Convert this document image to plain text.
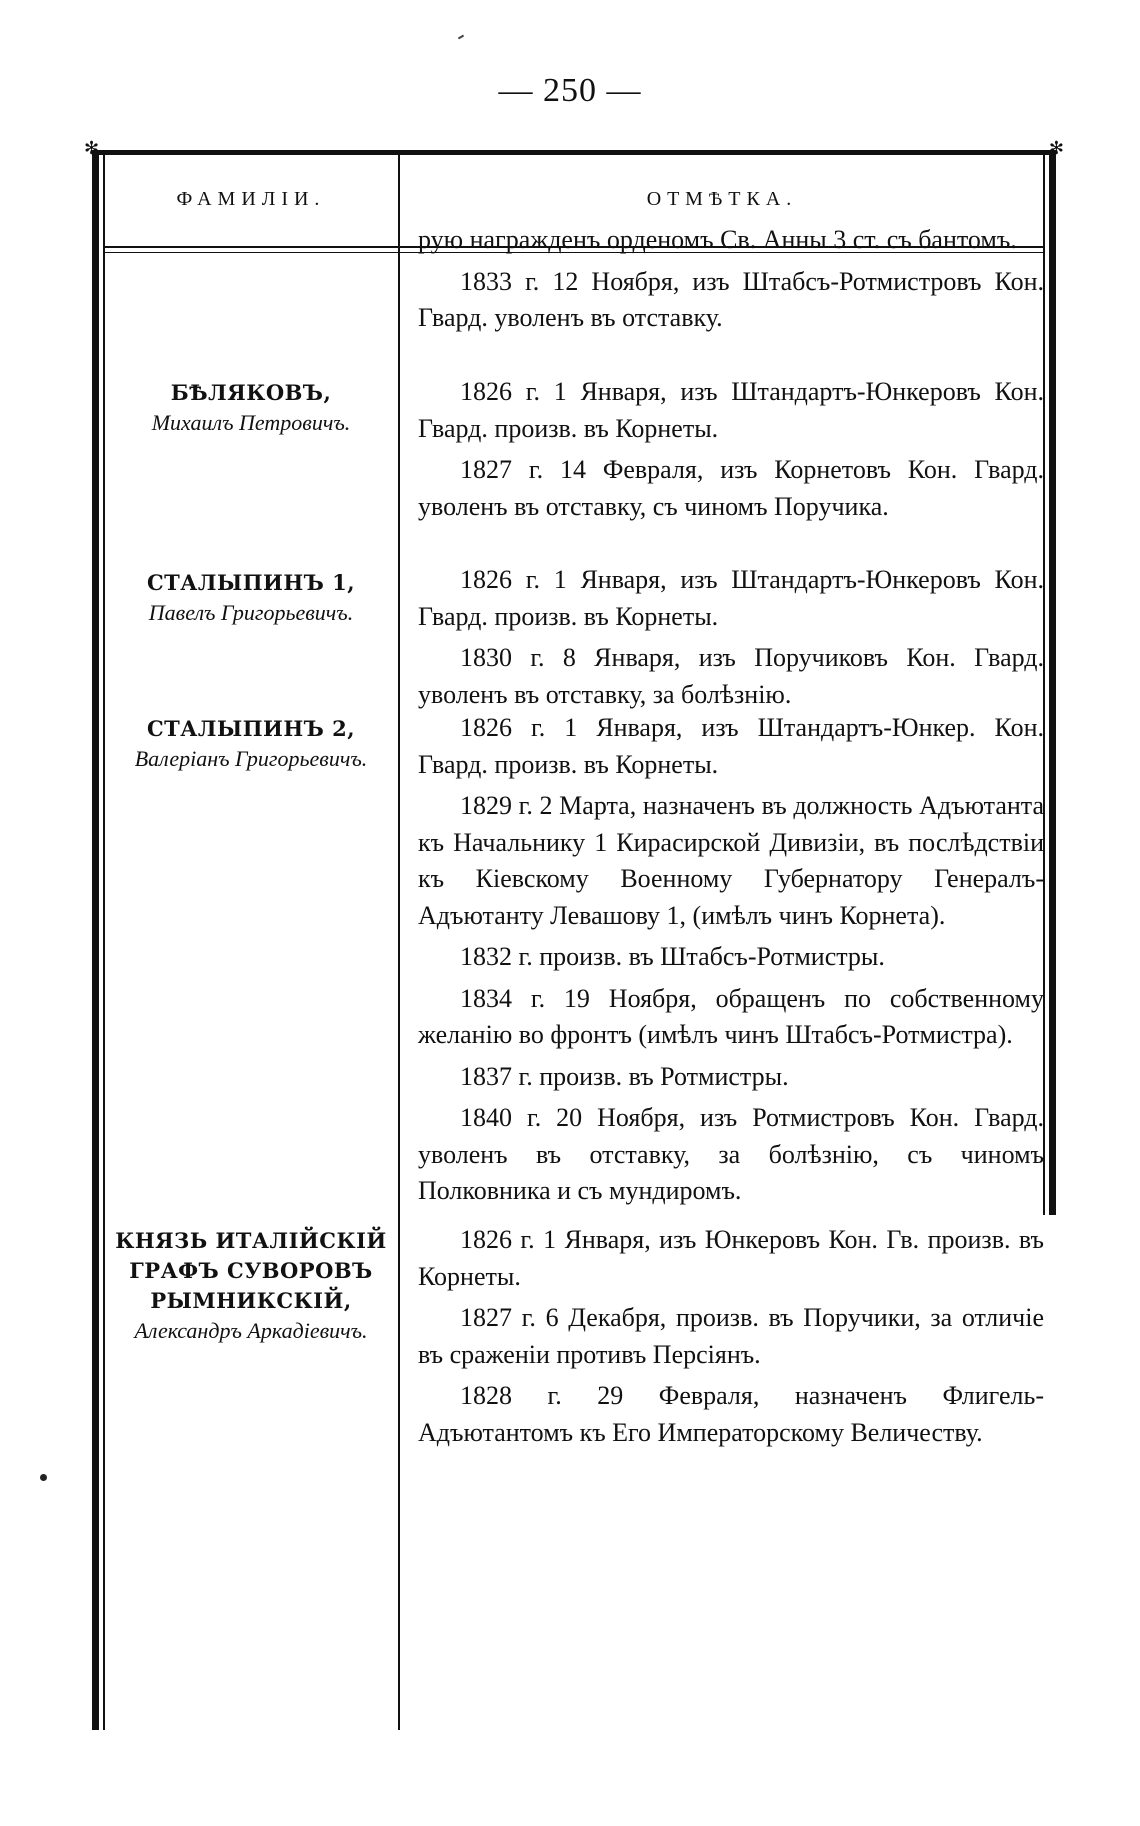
— 250 —
✻	✻
ФАМИЛІИ.	ОТМѢТКА.
БѢЛЯКОВЪ,
Михаилъ Петровичъ.
СТАЛЫПИНЪ 1,
Павелъ Григорьевичъ.
СТАЛЫПИНЪ 2,
Валеріанъ Григорьевичъ.
КНЯЗЬ ИТАЛІЙСКІЙ
ГРАФЪ СУВОРОВЪ
РЫМНИКСКІЙ,
Александръ Аркадіевичъ.

рую награжденъ орденомъ Св. Анны 3 ст. съ бантомъ.

1833 г. 12 Ноября, изъ Штабсъ-Ротмистровъ Кон. Гвард. уволенъ въ отставку.

1826 г. 1 Января, изъ Штандартъ-Юнкеровъ Кон. Гвард. произв. въ Корнеты.

1827 г. 14 Февраля, изъ Корнетовъ Кон. Гвард. уволенъ въ отставку, съ чиномъ Поручика.

1826 г. 1 Января, изъ Штандартъ-Юнкеровъ Кон. Гвард. произв. въ Корнеты.

1830 г. 8 Января, изъ Поручиковъ Кон. Гвард. уволенъ въ отставку, за болѣзнію.

1826 г. 1 Января, изъ Штандартъ-Юнкер. Кон. Гвард. произв. въ Корнеты.

1829 г. 2 Марта, назначенъ въ должность Адъютанта къ Начальнику 1 Кирасирской Дивизіи, въ послѣдствіи къ Кіевскому Военному Губернатору Генералъ-Адъютанту Левашову 1, (имѣлъ чинъ Корнета).

1832 г. произв. въ Штабсъ-Ротмистры.

1834 г. 19 Ноября, обращенъ по собственному желанію во фронтъ (имѣлъ чинъ Штабсъ-Ротмистра).

1837 г. произв. въ Ротмистры.

1840 г. 20 Ноября, изъ Ротмистровъ Кон. Гвард. уволенъ въ отставку, за болѣзнію, съ чиномъ Полковника и съ мундиромъ.

1826 г. 1 Января, изъ Юнкеровъ Кон. Гв. произв. въ Корнеты.

1827 г. 6 Декабря, произв. въ Поручики, за отличіе въ сраженіи противъ Персіянъ.

1828 г. 29 Февраля, назначенъ Флигель-Адъютантомъ къ Его Императорскому Величеству.
